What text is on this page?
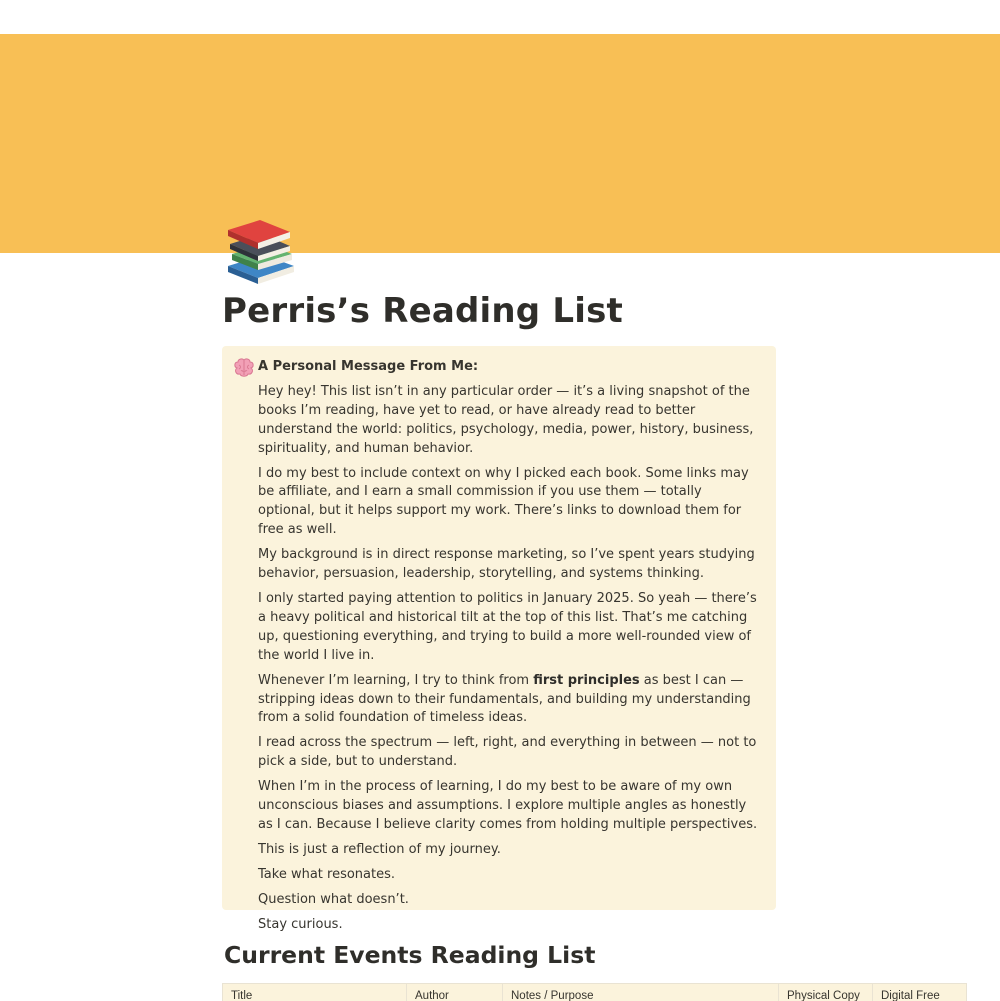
Perris’s Reading List

A Personal Message From Me:

Hey hey! This list isn’t in any particular order — it’s a living snapshot of the books I’m reading, have yet to read, or have already read to better understand the world: politics, psychology, media, power, history, business, spirituality, and human behavior.

I do my best to include context on why I picked each book. Some links may be affiliate, and I earn a small commission if you use them — totally optional, but it helps support my work. There’s links to download them for free as well.

My background is in direct response marketing, so I’ve spent years studying behavior, persuasion, leadership, storytelling, and systems thinking.

I only started paying attention to politics in January 2025. So yeah — there’s a heavy political and historical tilt at the top of this list. That’s me catching up, questioning everything, and trying to build a more well-rounded view of the world I live in.

Whenever I’m learning, I try to think from first principles as best I can — stripping ideas down to their fundamentals, and building my understanding from a solid foundation of timeless ideas.

I read across the spectrum — left, right, and everything in between — not to pick a side, but to understand.

When I’m in the process of learning, I do my best to be aware of my own unconscious biases and assumptions. I explore multiple angles as honestly as I can. Because I believe clarity comes from holding multiple perspectives.

This is just a reflection of my journey.

Take what resonates.

Question what doesn’t.

Stay curious.

Current Events Reading List
Title	Author	Notes / Purpose	Physical Copy	Digital Free
